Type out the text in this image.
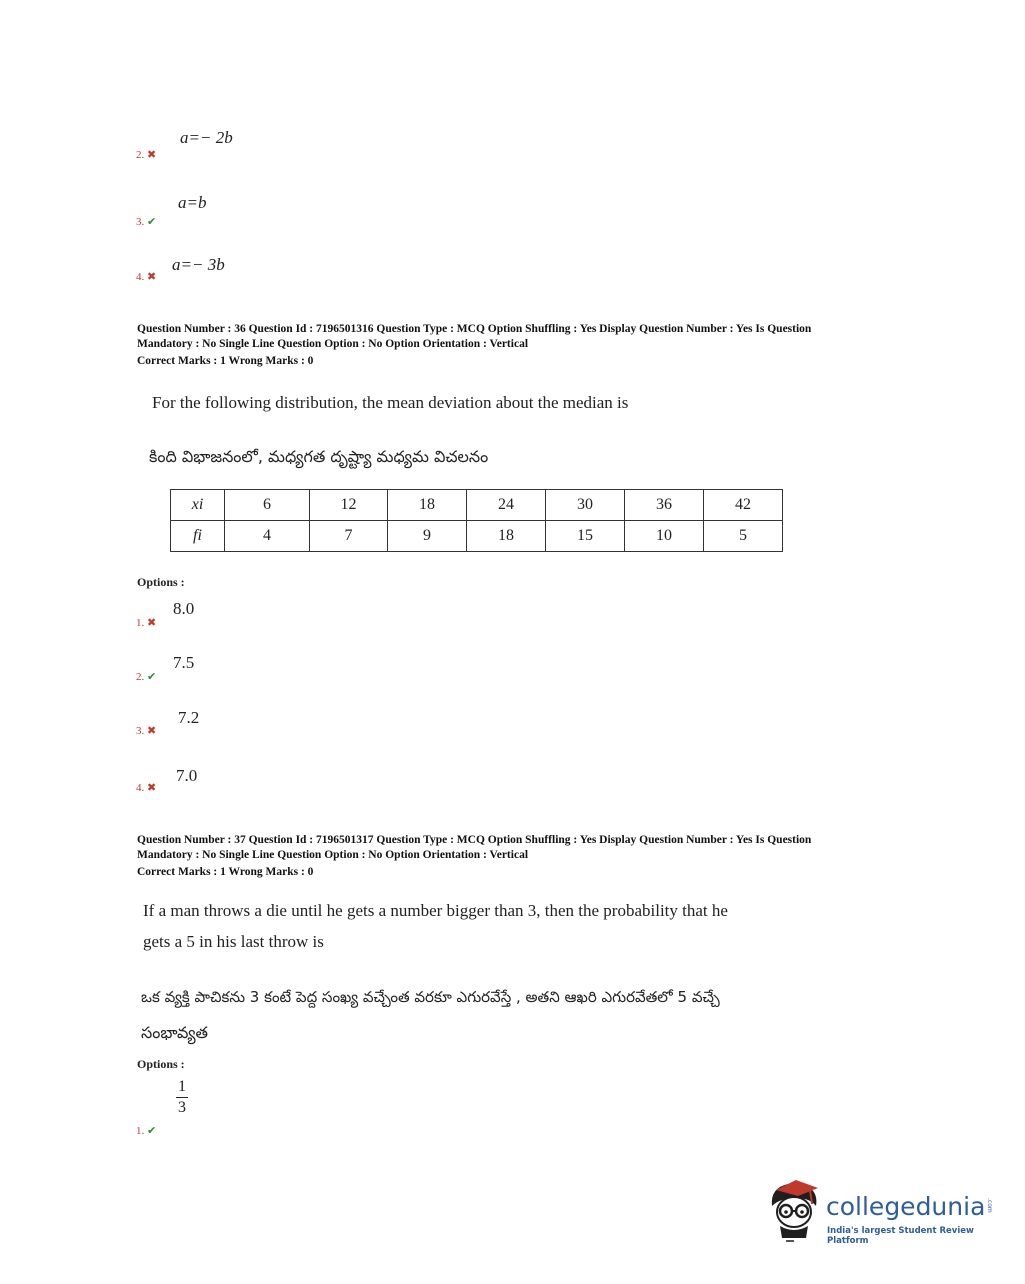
a=− 2b
2. ✖
a=b
3. ✔
a=− 3b
4. ✖
Question Number : 36 Question Id : 7196501316 Question Type : MCQ Option Shuffling : Yes Display Question Number : Yes Is Question
Mandatory : No Single Line Question Option : No Option Orientation : Vertical
Correct Marks : 1 Wrong Marks : 0
For the following distribution, the mean deviation about the median is
కింది విభాజనంలో, మధ్యగత దృష్ట్యా మధ్యమ విచలనం
xi	6	12	18	24	30	36	42
fi	4	7	9	18	15	10	5
Options :
8.0
1. ✖
7.5
2. ✔
7.2
3. ✖
7.0
4. ✖
Question Number : 37 Question Id : 7196501317 Question Type : MCQ Option Shuffling : Yes Display Question Number : Yes Is Question
Mandatory : No Single Line Question Option : No Option Orientation : Vertical
Correct Marks : 1 Wrong Marks : 0
If a man throws a die until he gets a number bigger than 3, then the probability that he
gets a 5 in his last throw is
ఒక వ్యక్తి పాచికను 3 కంటే పెద్ద సంఖ్య వచ్చేంత వరకూ ఎగురవేస్తే , అతని ఆఖరి ఎగురవేతలో 5 వచ్చే
సంభావ్యత
Options :
$\frac{1}{3}$
1. ✔
collegedunia .com
India's largest Student Review Platform
